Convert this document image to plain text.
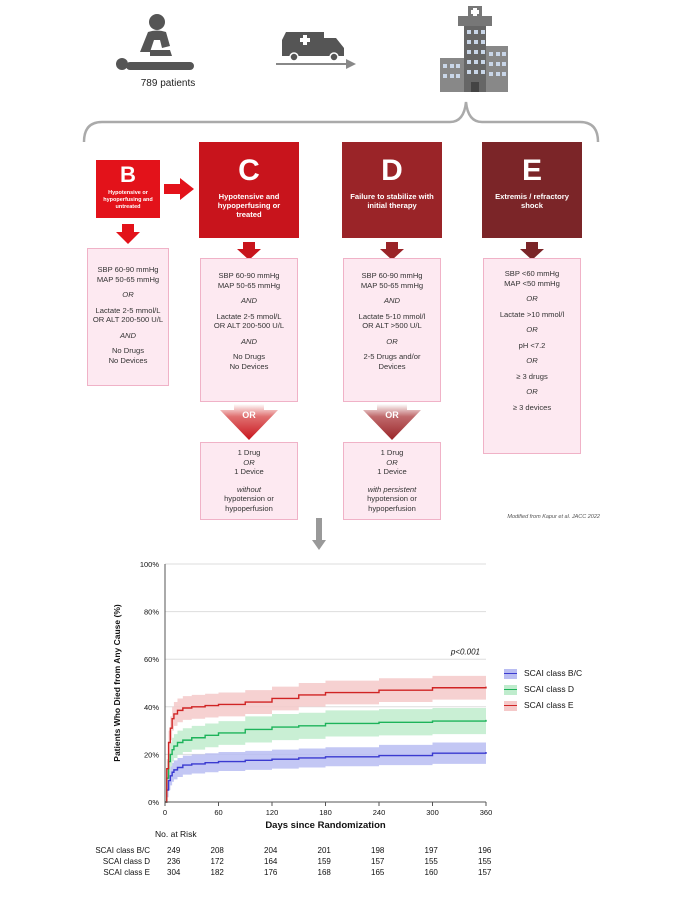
789 patients
B
Hypotensive or hypoperfusing and untreated
C
Hypotensive and hypoperfusing or treated
D
Failure to stabilize with initial therapy
E
Extremis / refractory shock
SBP 60-90 mmHg
MAP 50-65 mmHg
OR
Lactate 2-5 mmol/L
OR ALT 200-500 U/L
AND
No Drugs
No Devices
SBP 60-90 mmHg
MAP 50-65 mmHg
AND
Lactate 2-5 mmol/L
OR ALT 200-500 U/L
AND
No Drugs
No Devices
SBP 60-90 mmHg
MAP 50-65 mmHg
AND
Lactate 5-10 mmol/l
OR ALT >500 U/L
OR
2-5 Drugs and/or
Devices
SBP <60 mmHg
MAP <50 mmHg
OR
Lactate >10 mmol/l
OR
pH <7.2
OR
≥ 3 drugs
OR
≥ 3 devices
OR	OR
1 Drug
OR
1 Device
without
hypotension or
hypoperfusion
1 Drug
OR
1 Device
with persistent
hypotension or
hypoperfusion
Modified from Kapur et al. JACC 2022
0%
20%
40%
60%
80%
100%
0	60	120	180	240	300	360
p<0.001
Days since Randomization
Patients Who Died from Any Cause (%)	SCAI class B/C
SCAI class D
SCAI class E
No. at Risk
SCAI class B/C 249	208	204	201	198	197	196
SCAI class D 236	172	164	159	157	155	155
SCAI class E 304	182	176	168	165	160	157
